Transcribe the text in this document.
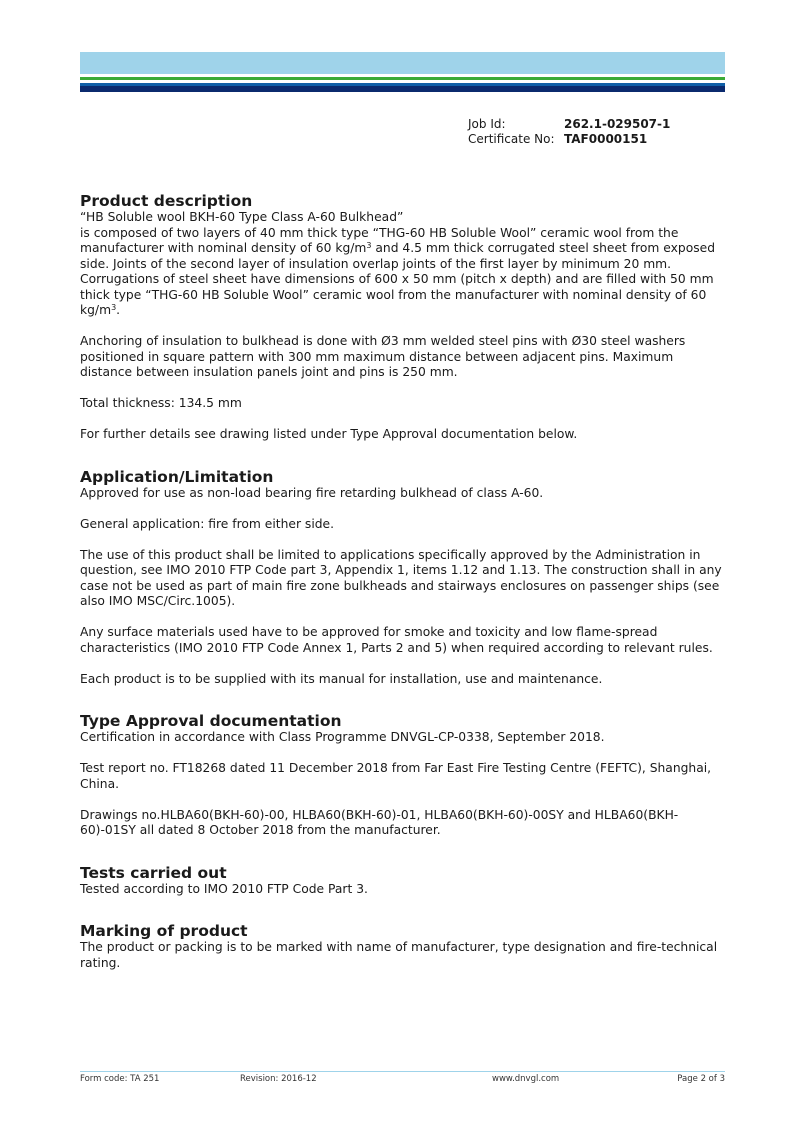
Job Id:	262.1-029507-1
Certificate No: TAF0000151
Product description

“HB Soluble wool BKH-60 Type Class A-60 Bulkhead”
is composed of two layers of 40 mm thick type “THG-60 HB Soluble Wool” ceramic wool from the manufacturer with nominal density of 60 $kg/m^3$ and 4.5 mm thick corrugated steel sheet from exposed side. Joints of the second layer of insulation overlap joints of the first layer by minimum 20 mm. Corrugations of steel sheet have dimensions of 600 x 50 mm (pitch x depth) and are filled with 50 mm thick type “THG-60 HB Soluble Wool” ceramic wool from the manufacturer with nominal density of 60 $kg/m^3$.

Anchoring of insulation to bulkhead is done with Ø3 mm welded steel pins with Ø30 steel washers positioned in square pattern with 300 mm maximum distance between adjacent pins. Maximum distance between insulation panels joint and pins is 250 mm.

Total thickness: 134.5 mm

For further details see drawing listed under Type Approval documentation below.

Application/Limitation

Approved for use as non-load bearing fire retarding bulkhead of class A-60.

General application: fire from either side.

The use of this product shall be limited to applications specifically approved by the Administration in question, see IMO 2010 FTP Code part 3, Appendix 1, items 1.12 and 1.13. The construction shall in any case not be used as part of main fire zone bulkheads and stairways enclosures on passenger ships (see also IMO MSC/Circ.1005).

Any surface materials used have to be approved for smoke and toxicity and low flame-spread characteristics (IMO 2010 FTP Code Annex 1, Parts 2 and 5) when required according to relevant rules.

Each product is to be supplied with its manual for installation, use and maintenance.

Type Approval documentation

Certification in accordance with Class Programme DNVGL-CP-0338, September 2018.

Test report no. FT18268 dated 11 December 2018 from Far East Fire Testing Centre (FEFTC), Shanghai, China.

Drawings no.HLBA60(BKH-60)-00, HLBA60(BKH-60)-01, HLBA60(BKH-60)-00SY and HLBA60(BKH-60)-01SY all dated 8 October 2018 from the manufacturer.

Tests carried out

Tested according to IMO 2010 FTP Code Part 3.

Marking of product

The product or packing is to be marked with name of manufacturer, type designation and fire-technical rating.

Form code: TA 251	Revision: 2016-12	www.dnvgl.com	Page 2 of 3
